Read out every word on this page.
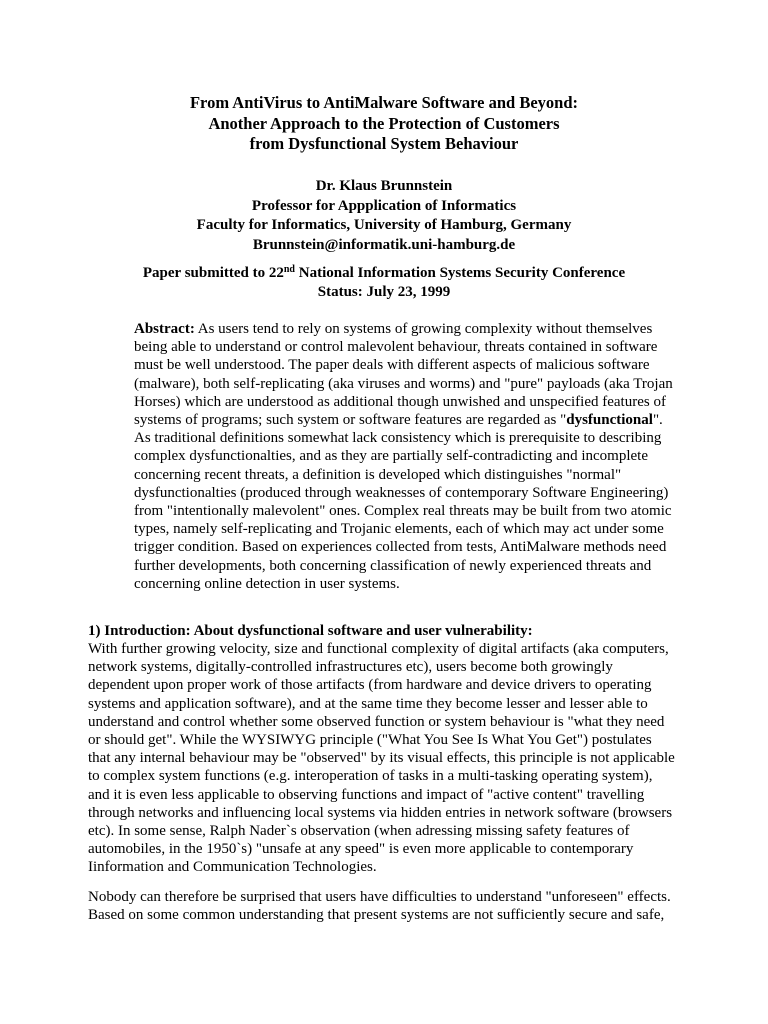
From AntiVirus to AntiMalware Software and Beyond:
Another Approach to the Protection of Customers
from Dysfunctional System Behaviour
Dr. Klaus Brunnstein
Professor for Appplication of Informatics
Faculty for Informatics, University of Hamburg, Germany
Brunnstein@informatik.uni-hamburg.de
Paper submitted to 22nd National Information Systems Security Conference
Status: July 23, 1999
Abstract: As users tend to rely on systems of growing complexity without themselves
being able to understand or control malevolent behaviour, threats contained in software
must be well understood. The paper deals with different aspects of malicious software
(malware), both self-replicating (aka viruses and worms) and "pure" payloads (aka Trojan
Horses) which are understood as additional though unwished and unspecified features of
systems of programs; such system or software features are regarded as "dysfunctional".
As traditional definitions somewhat lack consistency which is prerequisite to describing
complex dysfunctionalties, and as they are partially self-contradicting and incomplete
concerning recent threats, a definition is developed which distinguishes "normal"
dysfunctionalties (produced through weaknesses of contemporary Software Engineering)
from "intentionally malevolent" ones. Complex real threats may be built from two atomic
types, namely self-replicating and Trojanic elements, each of which may act under some
trigger condition. Based on experiences collected from tests, AntiMalware methods need
further developments, both concerning classification of newly experienced threats and
concerning online detection in user systems.
1) Introduction: About dysfunctional software and user vulnerability:
With further growing velocity, size and functional complexity of digital artifacts (aka computers,
network systems, digitally-controlled infrastructures etc), users become both growingly
dependent upon proper work of those artifacts (from hardware and device drivers to operating
systems and application software), and at the same time they become lesser and lesser able to
understand and control whether some observed function or system behaviour is "what they need
or should get". While the WYSIWYG principle ("What You See Is What You Get") postulates
that any internal behaviour may be "observed" by its visual effects, this principle is not applicable
to complex system functions (e.g. interoperation of tasks in a multi-tasking operating system),
and it is even less applicable to observing functions and impact of "active content" travelling
through networks and influencing local systems via hidden entries in network software (browsers
etc). In some sense, Ralph Nader`s observation (when adressing missing safety features of
automobiles, in the 1950`s) "unsafe at any speed" is even more applicable to contemporary
Iinformation and Communication Technologies.
Nobody can therefore be surprised that users have difficulties to understand "unforeseen" effects.
Based on some common understanding that present systems are not sufficiently secure and safe,
